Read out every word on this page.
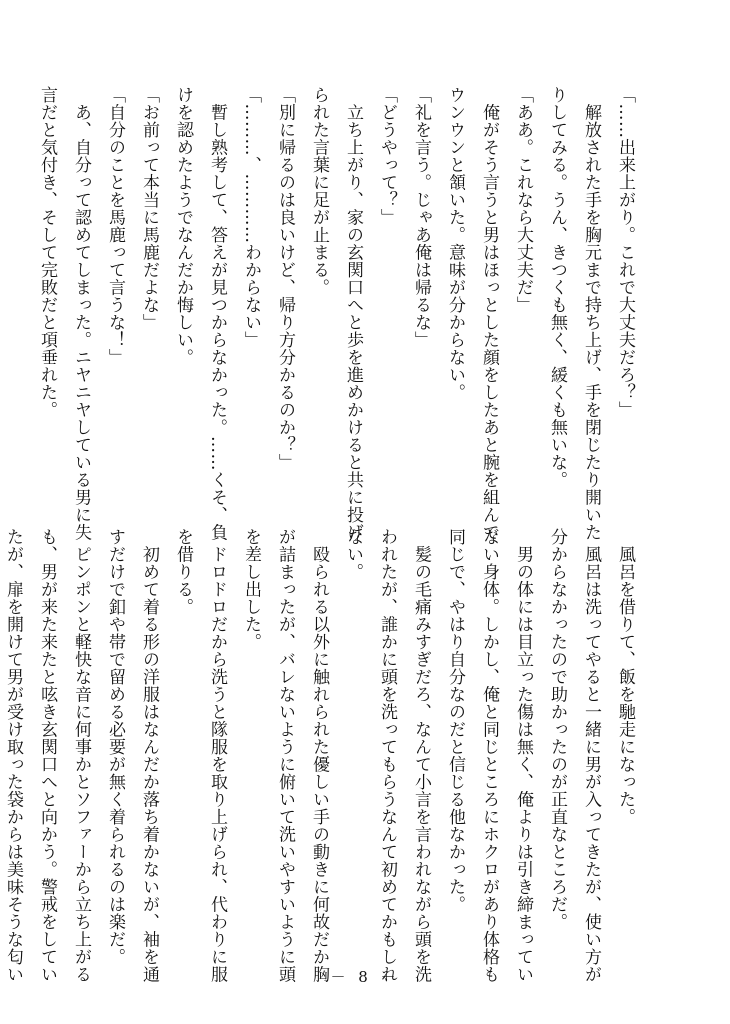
「……出来上がり。これで大丈夫だろ？」
　解放された手を胸元まで持ち上げ、手を閉じたり開いた
りしてみる。うん、きつくも無く、緩くも無いな。
「ああ。これなら大丈夫だ」
　俺がそう言うと男はほっとした顔をしたあと腕を組んで
ウンウンと頷いた。意味が分からない。
「礼を言う。じゃあ俺は帰るな」
「どうやって？」
　立ち上がり、家の玄関口へと歩を進めかけると共に投げ
られた言葉に足が止まる。
「別に帰るのは良いけど、帰り方分かるのか？」
「………、…………わからない」
　暫し熟考して、答えが見つからなかった。……くそ、負
けを認めたようでなんだか悔しい。
「お前って本当に馬鹿だよな」
「自分のことを馬鹿って言うな！」
　あ、自分って認めてしまった。ニヤニヤしている男に失
言だと気付き、そして完敗だと項垂れた。
　風呂を借りて、飯を馳走になった。
　風呂は洗ってやると一緒に男が入ってきたが、使い方が
分からなかったので助かったのが正直なところだ。
　男の体には目立った傷は無く、俺よりは引き締まってい
ない身体。しかし、俺と同じところにホクロがあり体格も
同じで、やはり自分なのだと信じる他なかった。
　髪の毛痛みすぎだろ、なんて小言を言われながら頭を洗
われたが、誰かに頭を洗ってもらうなんて初めてかもしれ
ない。
　殴られる以外に触れられた優しい手の動きに何故だか胸
が詰まったが、バレないように俯いて洗いやすいように頭
を差し出した。
　ドロドロだから洗うと隊服を取り上げられ、代わりに服
を借りる。
　初めて着る形の洋服はなんだか落ち着かないが、袖を通
すだけで釦や帯で留める必要が無く着られるのは楽だ。
　ピンポンと軽快な音に何事かとソファーから立ち上がる
も、男が来た来たと呟き玄関口へと向かう。警戒をしてい
たが、扉を開けて男が受け取った袋からは美味そうな匂い	－ 8 －
